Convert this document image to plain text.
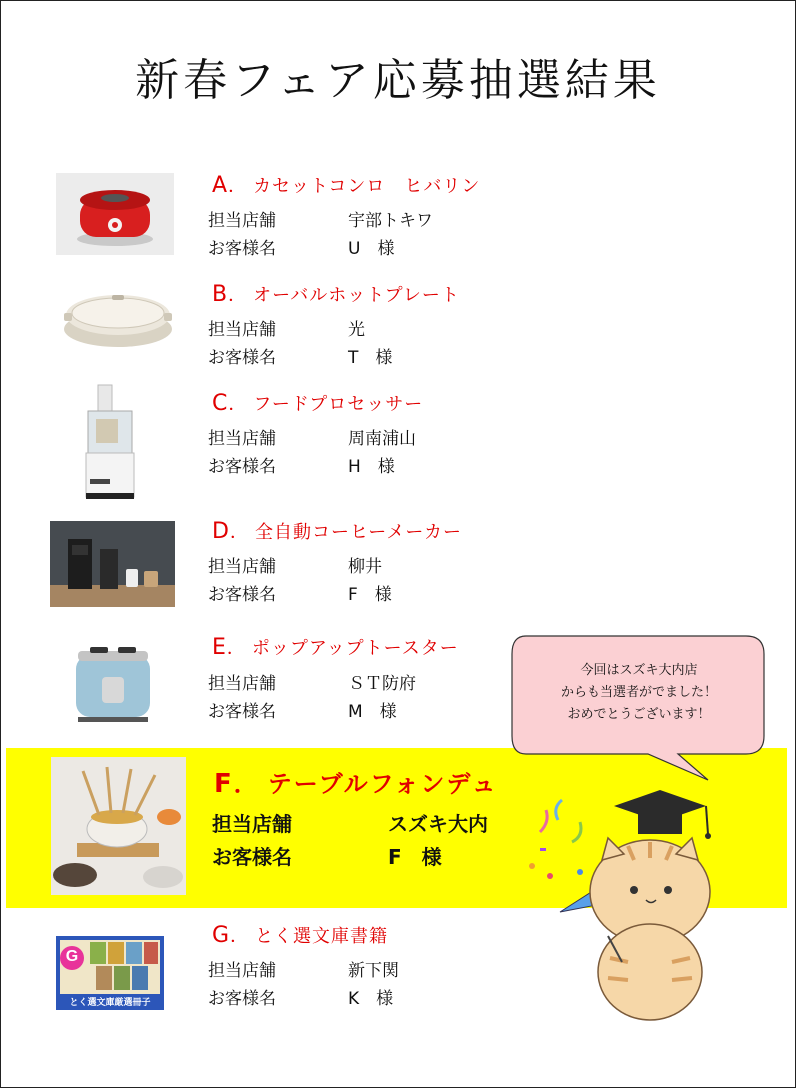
新春フェア応募抽選結果
A． カセットコンロ　ヒバリン
担当店舗	宇部トキワ
お客様名	U　様
B． オーバルホットプレート
担当店舗	光
お客様名	T　様
C． フードプロセッサー
担当店舗	周南浦山
お客様名	H　様
D． 全自動コーヒーメーカー
担当店舗	柳井
お客様名	F　様
E． ポップアップトースター
担当店舗	ＳＴ防府
お客様名	M　様
F． テーブルフォンデュ
担当店舗	スズキ大内
お客様名	F　様
G
とく選文庫厳選冊子
G． とく選文庫書籍
担当店舗	新下関
お客様名	K　様
今回はスズキ大内店
からも当選者がでました！
おめでとうございます！
